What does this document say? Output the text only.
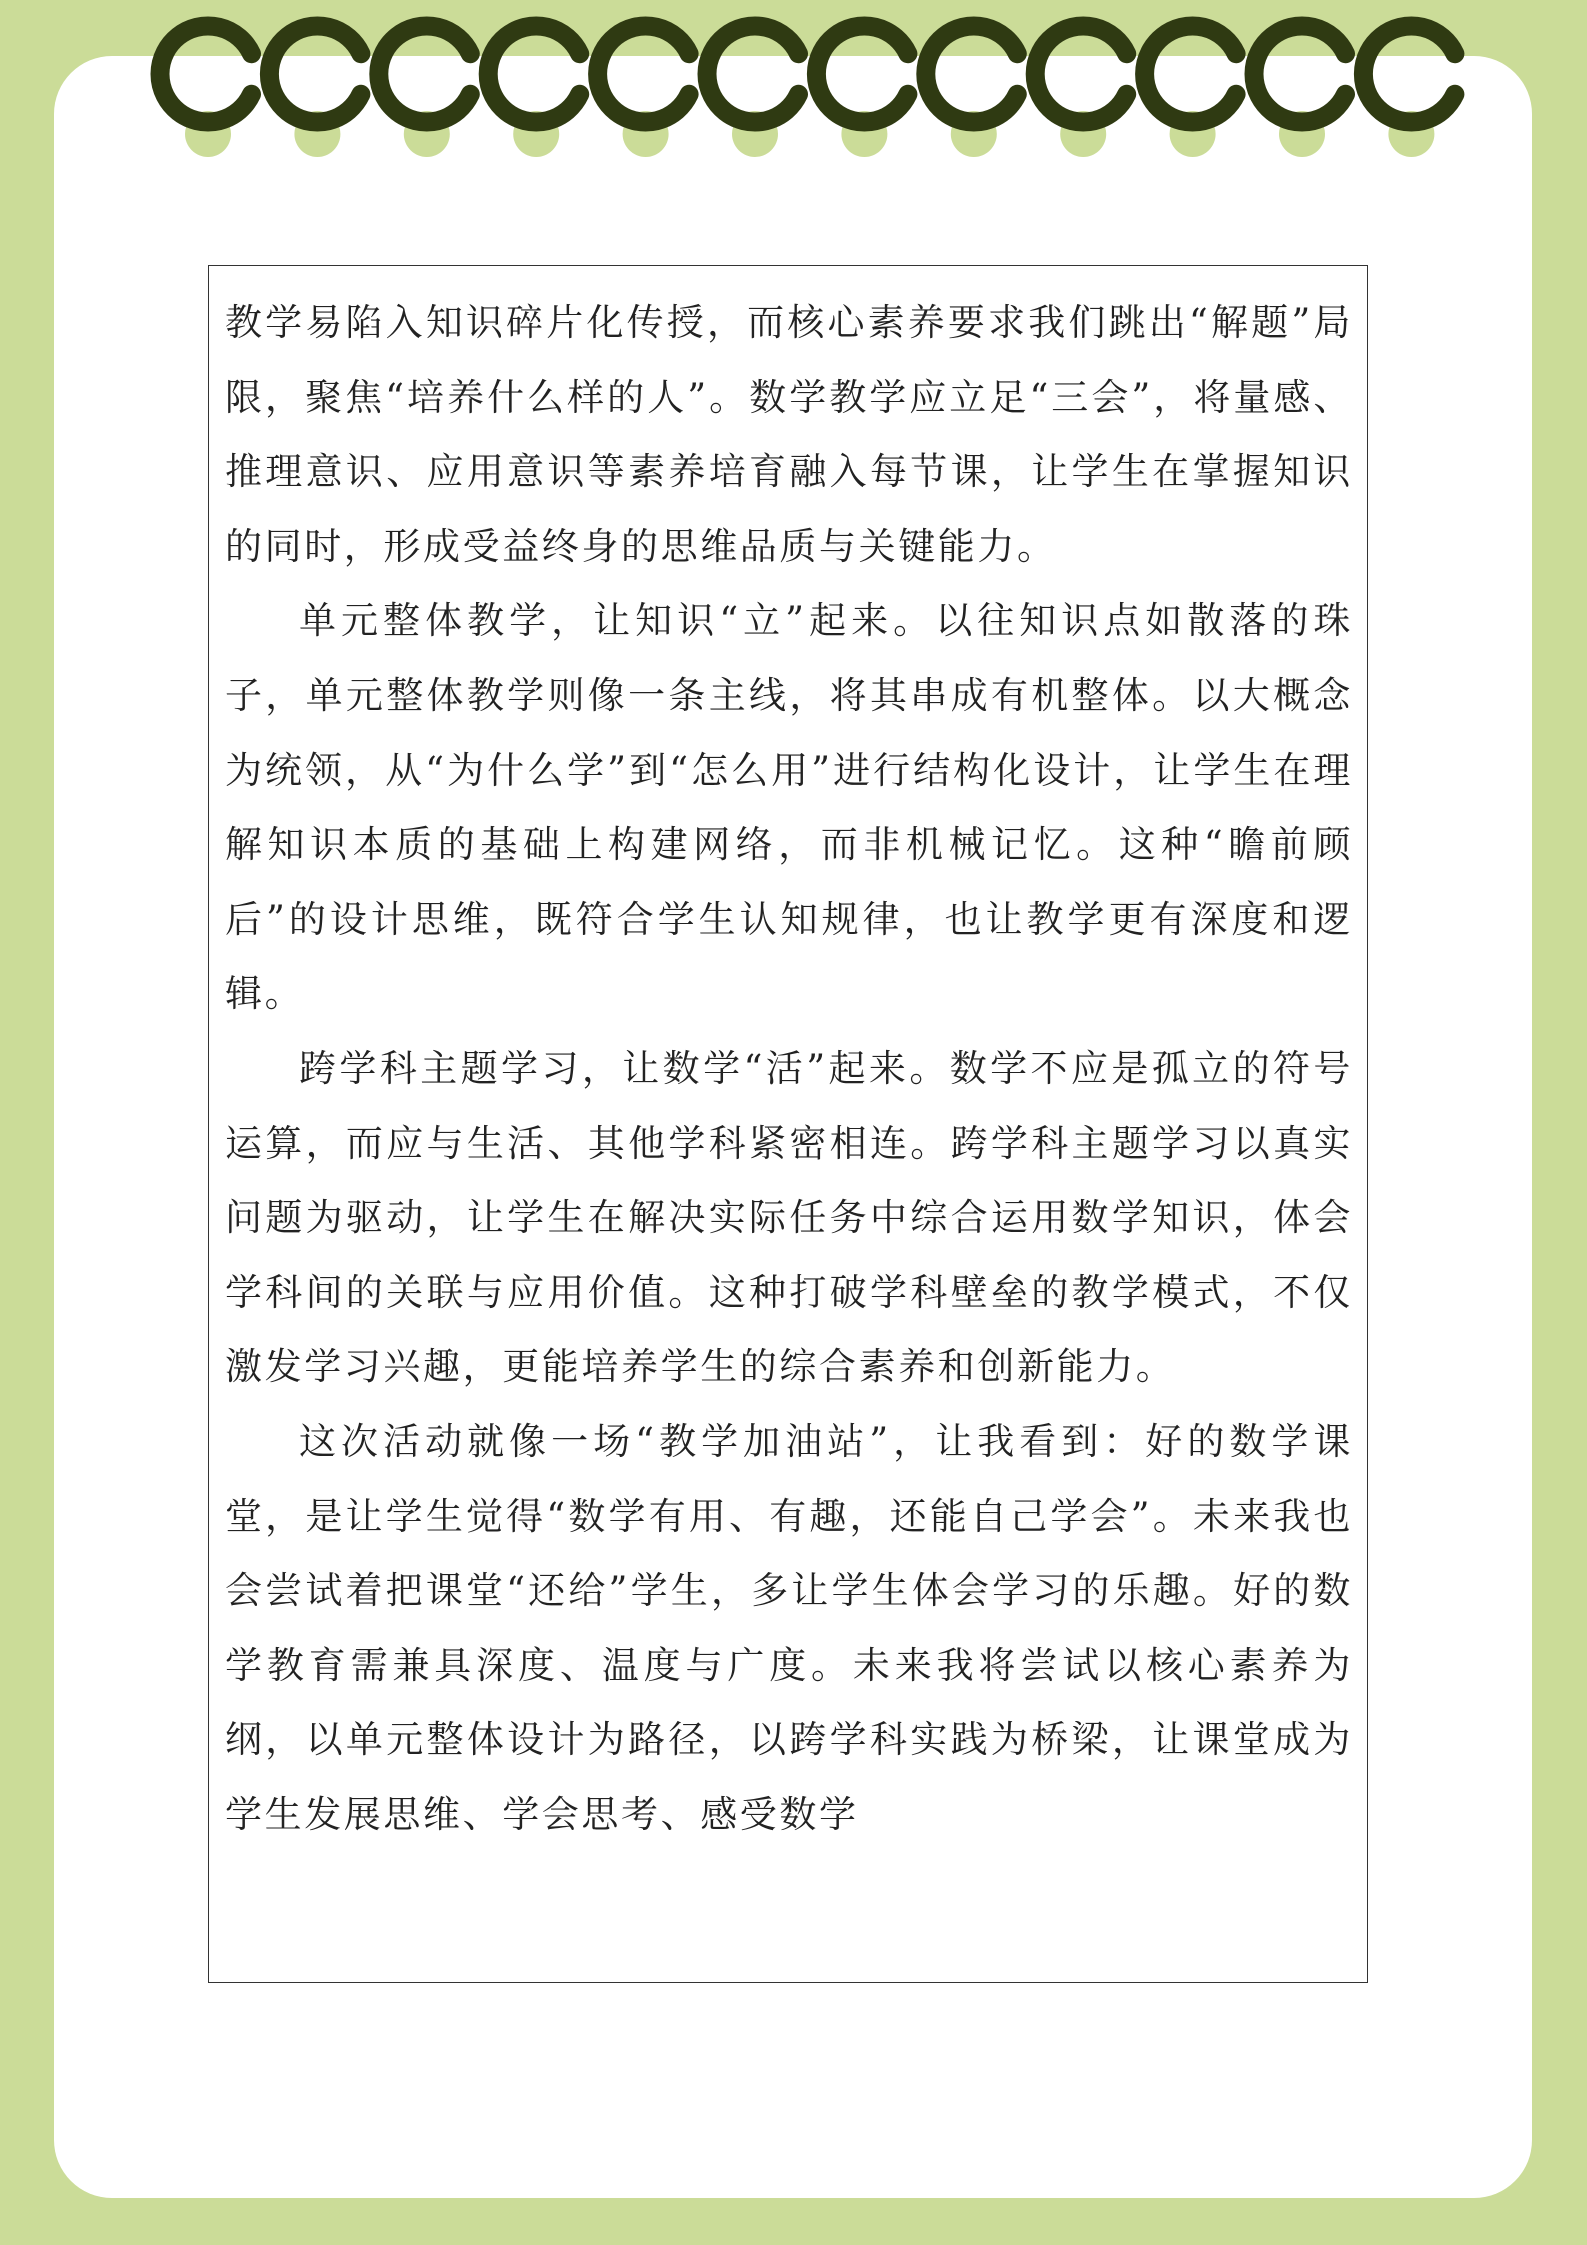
教学易陷入知识碎片化传授，而核心素养要求我们跳出“解题”局限，聚焦“培养什么样的人”。数学教学应立足“三会”，将量感、推理意识、应用意识等素养培育融入每节课，让学生在掌握知识的同时，形成受益终身的思维品质与关键能力。

单元整体教学，让知识“立”起来。以往知识点如散落的珠子，单元整体教学则像一条主线，将其串成有机整体。以大概念为统领，从“为什么学”到“怎么用”进行结构化设计，让学生在理解知识本质的基础上构建网络，而非机械记忆。这种“瞻前顾后”的设计思维，既符合学生认知规律，也让教学更有深度和逻辑。

跨学科主题学习，让数学“活”起来。数学不应是孤立的符号运算，而应与生活、其他学科紧密相连。跨学科主题学习以真实问题为驱动，让学生在解决实际任务中综合运用数学知识，体会学科间的关联与应用价值。这种打破学科壁垒的教学模式，不仅激发学习兴趣，更能培养学生的综合素养和创新能力。

这次活动就像一场“教学加油站”，让我看到：好的数学课堂，是让学生觉得“数学有用、有趣，还能自己学会”。未来我也会尝试着把课堂“还给”学生，多让学生体会学习的乐趣。好的数学教育需兼具深度、温度与广度。未来我将尝试以核心素养为纲，以单元整体设计为路径，以跨学科实践为桥梁，让课堂成为学生发展思维、学会思考、感受数学
